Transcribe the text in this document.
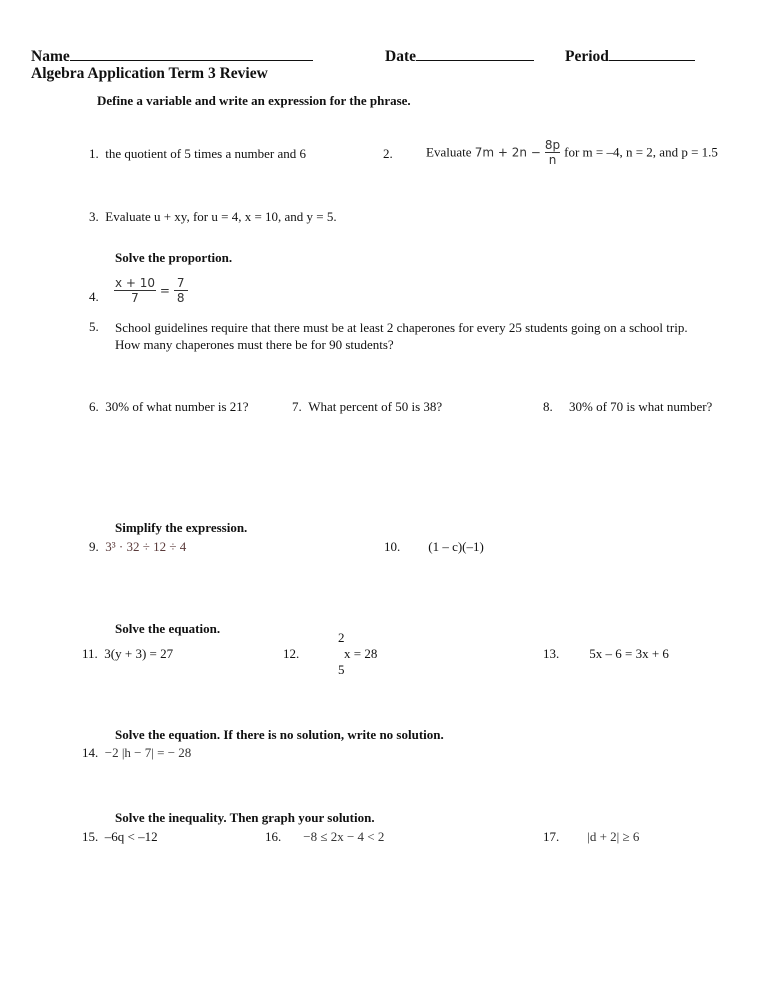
Name	Date	Period
Algebra Application Term 3 Review
Define a variable and write an expression for the phrase.
1. the quotient of 5 times a number and 6	2.	Evaluate $7m + 2n - \frac{8p}{n}$ for m = –4, n = 2, and p = 1.5
3. Evaluate u + xy, for u = 4, x = 10, and y = 5.
Solve the proportion.
4. $\frac{x + 10}{7} = \frac{7}{8}$
5. School guidelines require that there must be at least 2 chaperones for every 25 students going on a school trip.
How many chaperones must there be for 90 students?
6. 30% of what number is 21?	7. What percent of 50 is 38?	8. 30% of 70 is what number?
Simplify the expression.
9. 3³ · 32 ÷ 12 ÷ 4	10. (1 – c)(–1)
Solve the equation.
11. 3(y + 3) = 27	12.
2
x = 28
5
13. 5x – 6 = 3x + 6
Solve the equation. If there is no solution, write no solution.
14. −2 |h − 7| = − 28
Solve the inequality. Then graph your solution.
15. –6q < –12	16. −8 ≤ 2x − 4 < 2	17. |d + 2| ≥ 6
